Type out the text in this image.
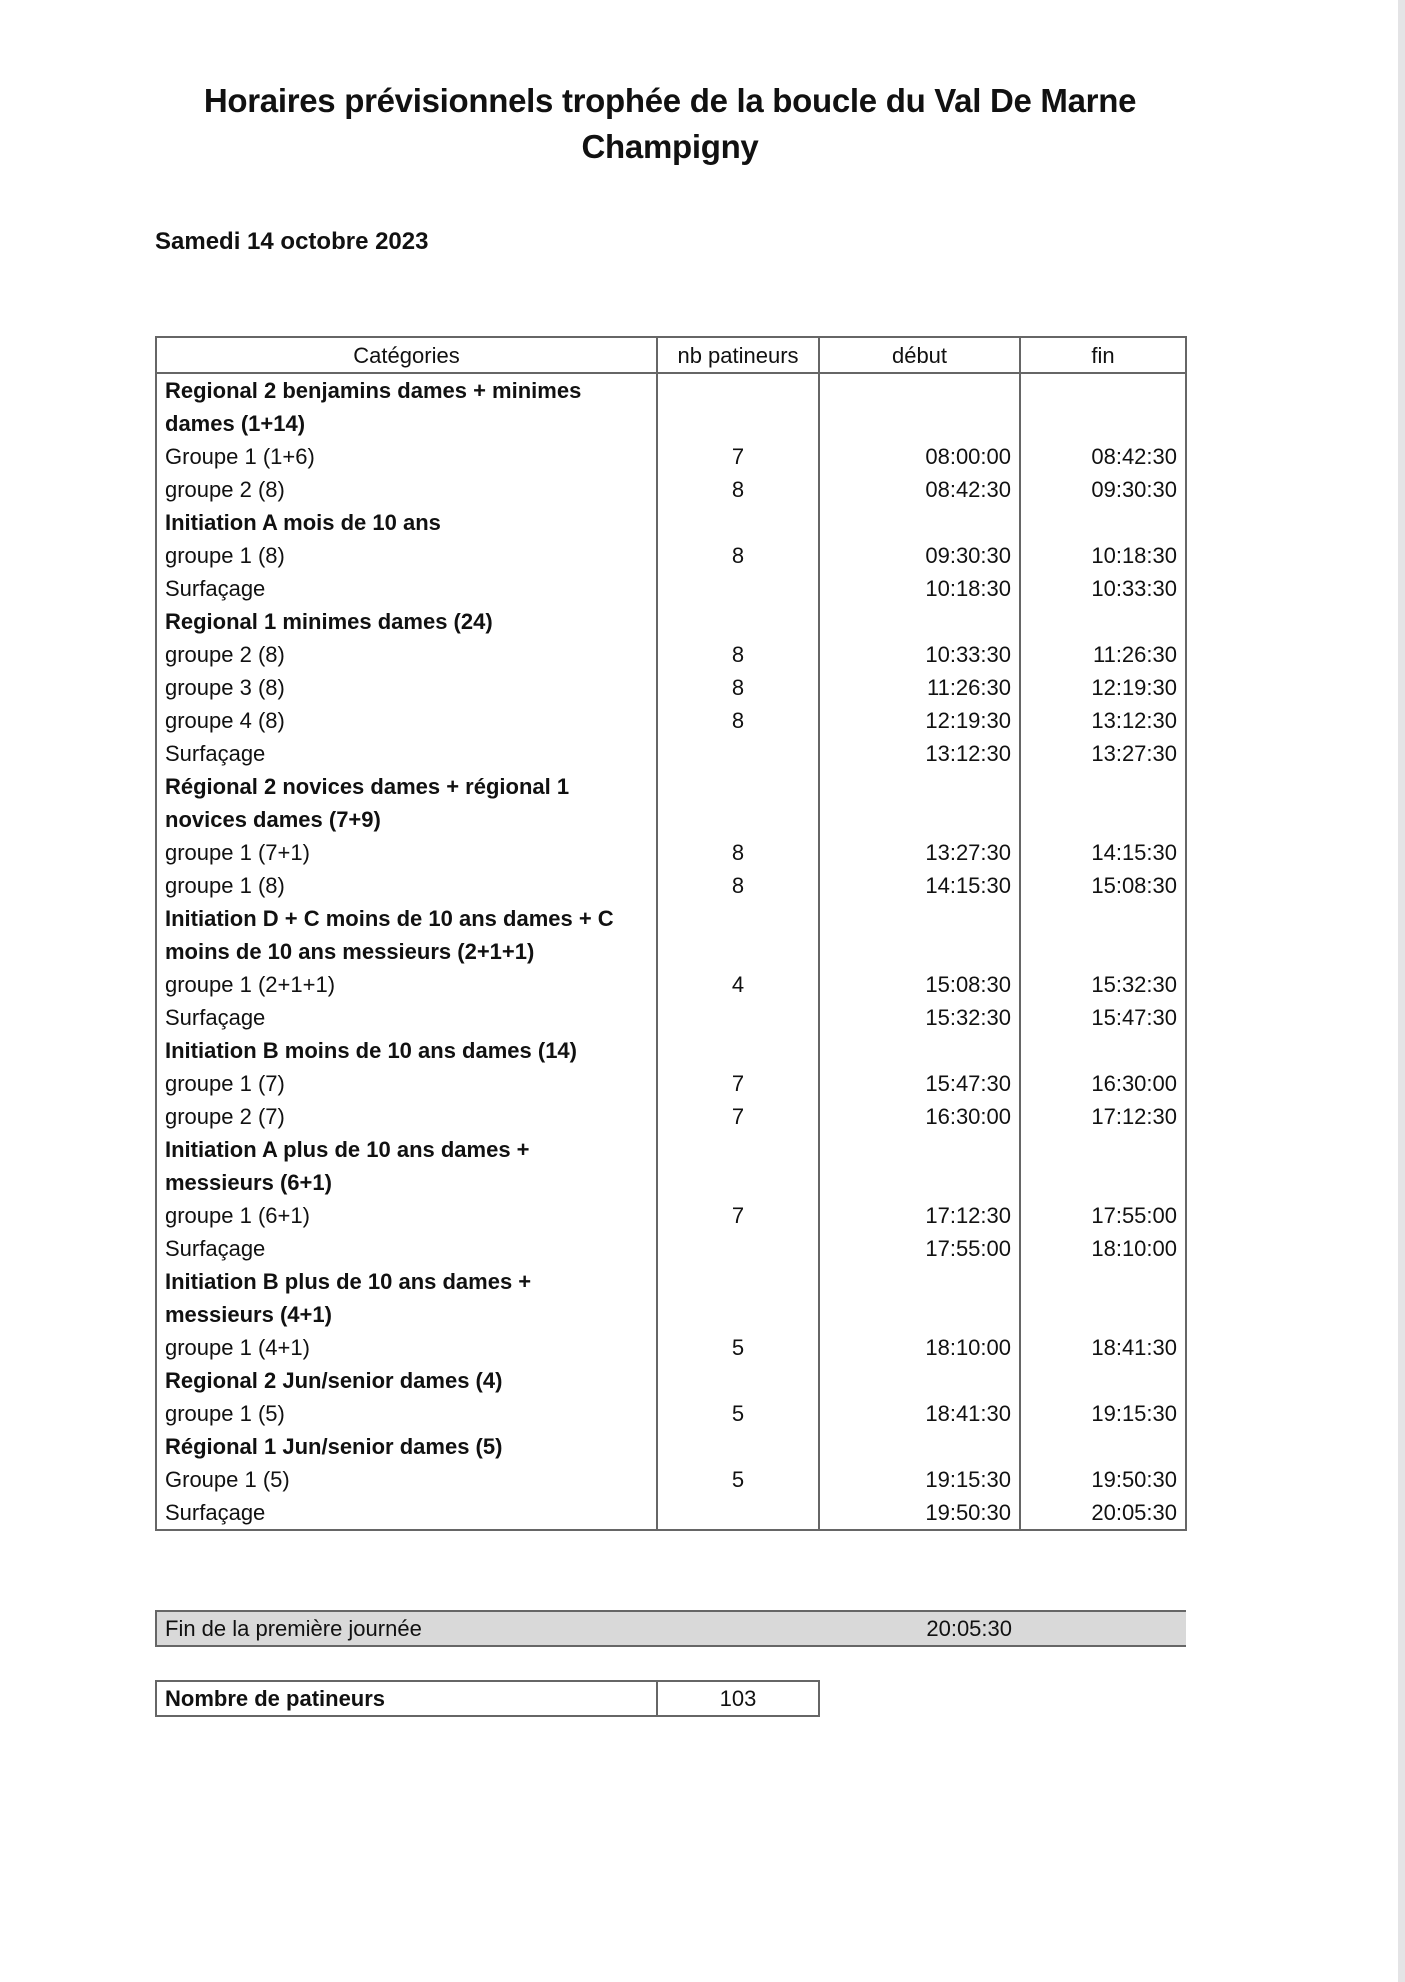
Horaires prévisionnels trophée de la boucle du Val De Marne
Champigny
Samedi 14 octobre 2023
Catégories	nb patineurs	début	fin
Regional 2 benjamins dames + minimes			
dames (1+14)			
Groupe 1 (1+6)	7	08:00:00	08:42:30
groupe 2 (8)	8	08:42:30	09:30:30
Initiation A mois de 10 ans			
groupe 1 (8)	8	09:30:30	10:18:30
Surfaçage		10:18:30	10:33:30
Regional 1 minimes dames (24)			
groupe 2 (8)	8	10:33:30	11:26:30
groupe 3 (8)	8	11:26:30	12:19:30
groupe 4 (8)	8	12:19:30	13:12:30
Surfaçage		13:12:30	13:27:30
Régional 2 novices dames + régional 1			
novices dames (7+9)			
groupe 1 (7+1)	8	13:27:30	14:15:30
groupe 1 (8)	8	14:15:30	15:08:30
Initiation D + C moins de 10 ans dames + C			
moins de 10 ans messieurs (2+1+1)			
groupe 1 (2+1+1)	4	15:08:30	15:32:30
Surfaçage		15:32:30	15:47:30
Initiation B moins de 10 ans dames (14)			
groupe 1 (7)	7	15:47:30	16:30:00
groupe 2 (7)	7	16:30:00	17:12:30
Initiation A plus de 10 ans dames +			
messieurs (6+1)			
groupe 1 (6+1)	7	17:12:30	17:55:00
Surfaçage		17:55:00	18:10:00
Initiation B plus de 10 ans dames +			
messieurs (4+1)			
groupe 1 (4+1)	5	18:10:00	18:41:30
Regional 2 Jun/senior dames (4)			
groupe 1 (5)	5	18:41:30	19:15:30
Régional 1 Jun/senior dames (5)			
Groupe 1 (5)	5	19:15:30	19:50:30
Surfaçage		19:50:30	20:05:30
Fin de la première journée		20:05:30	
Nombre de patineurs	103
